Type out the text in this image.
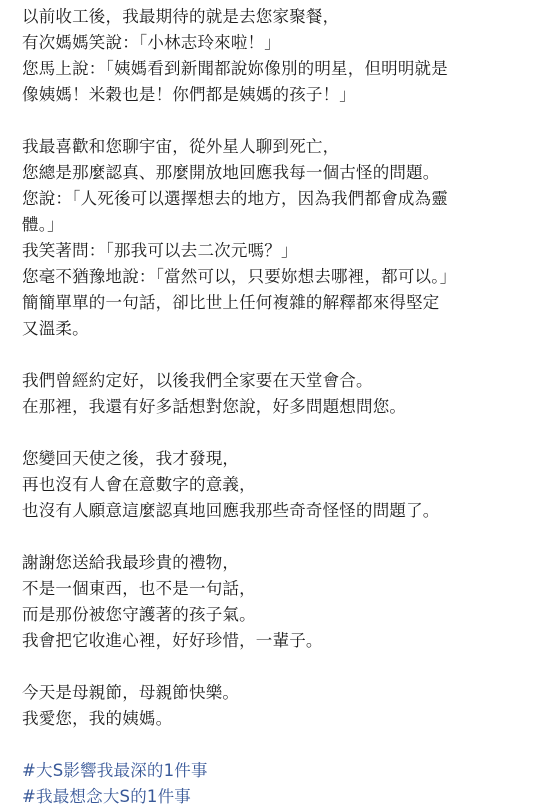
以前收工後，我最期待的就是去您家聚餐，
有次媽媽笑說：「小林志玲來啦！」
您馬上說：「姨媽看到新聞都說妳像別的明星，但明明就是
像姨媽！米穀也是！你們都是姨媽的孩子！」
我最喜歡和您聊宇宙，從外星人聊到死亡，
您總是那麼認真、那麼開放地回應我每一個古怪的問題。
您說：「人死後可以選擇想去的地方，因為我們都會成為靈
體。」
我笑著問：「那我可以去二次元嗎？」
您毫不猶豫地說：「當然可以，只要妳想去哪裡，都可以。」
簡簡單單的一句話，卻比世上任何複雜的解釋都來得堅定
又溫柔。
我們曾經約定好，以後我們全家要在天堂會合。
在那裡，我還有好多話想對您說，好多問題想問您。
您變回天使之後，我才發現，
再也沒有人會在意數字的意義，
也沒有人願意這麼認真地回應我那些奇奇怪怪的問題了。
謝謝您送給我最珍貴的禮物，
不是一個東西，也不是一句話，
而是那份被您守護著的孩子氣。
我會把它收進心裡，好好珍惜，一輩子。
今天是母親節，母親節快樂。
我愛您，我的姨媽。
#大S影響我最深的1件事
#我最想念大S的1件事
